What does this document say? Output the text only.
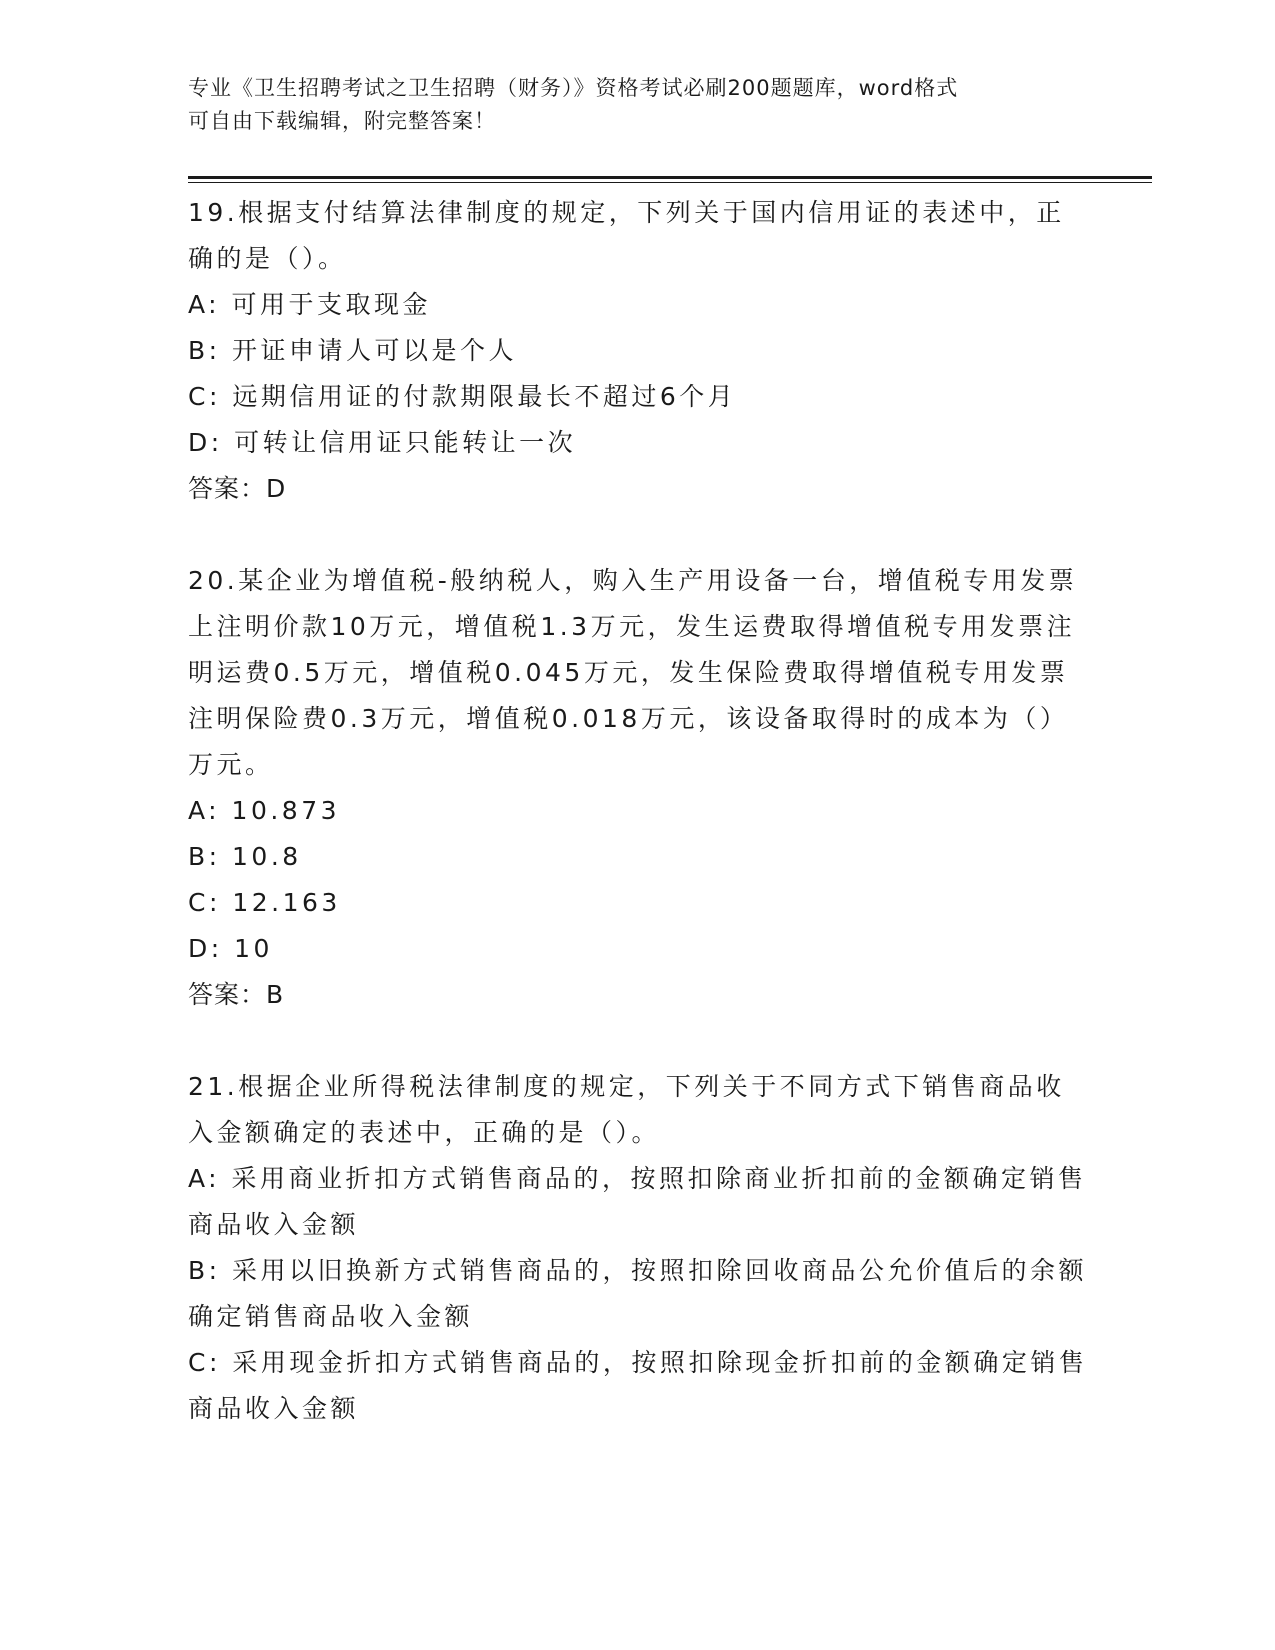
专业《卫生招聘考试之卫生招聘（财务）》资格考试必刷200题题库，word格式
可自由下载编辑，附完整答案！
19.根据支付结算法律制度的规定，下列关于国内信用证的表述中，正确的是（）。
A: 可用于支取现金
B: 开证申请人可以是个人
C: 远期信用证的付款期限最长不超过6个月
D: 可转让信用证只能转让一次
答案：D
20.某企业为增值税-般纳税人，购入生产用设备一台，增值税专用发票上注明价款10万元，增值税1.3万元，发生运费取得增值税专用发票注明运费0.5万元，增值税0.045万元，发生保险费取得增值税专用发票注明保险费0.3万元，增值税0.018万元，该设备取得时的成本为（）万元。
A: 10.873
B: 10.8
C: 12.163
D: 10
答案：B
21.根据企业所得税法律制度的规定，下列关于不同方式下销售商品收入金额确定的表述中，正确的是（）。
A: 采用商业折扣方式销售商品的，按照扣除商业折扣前的金额确定销售商品收入金额
B: 采用以旧换新方式销售商品的，按照扣除回收商品公允价值后的余额确定销售商品收入金额
C: 采用现金折扣方式销售商品的，按照扣除现金折扣前的金额确定销售商品收入金额
